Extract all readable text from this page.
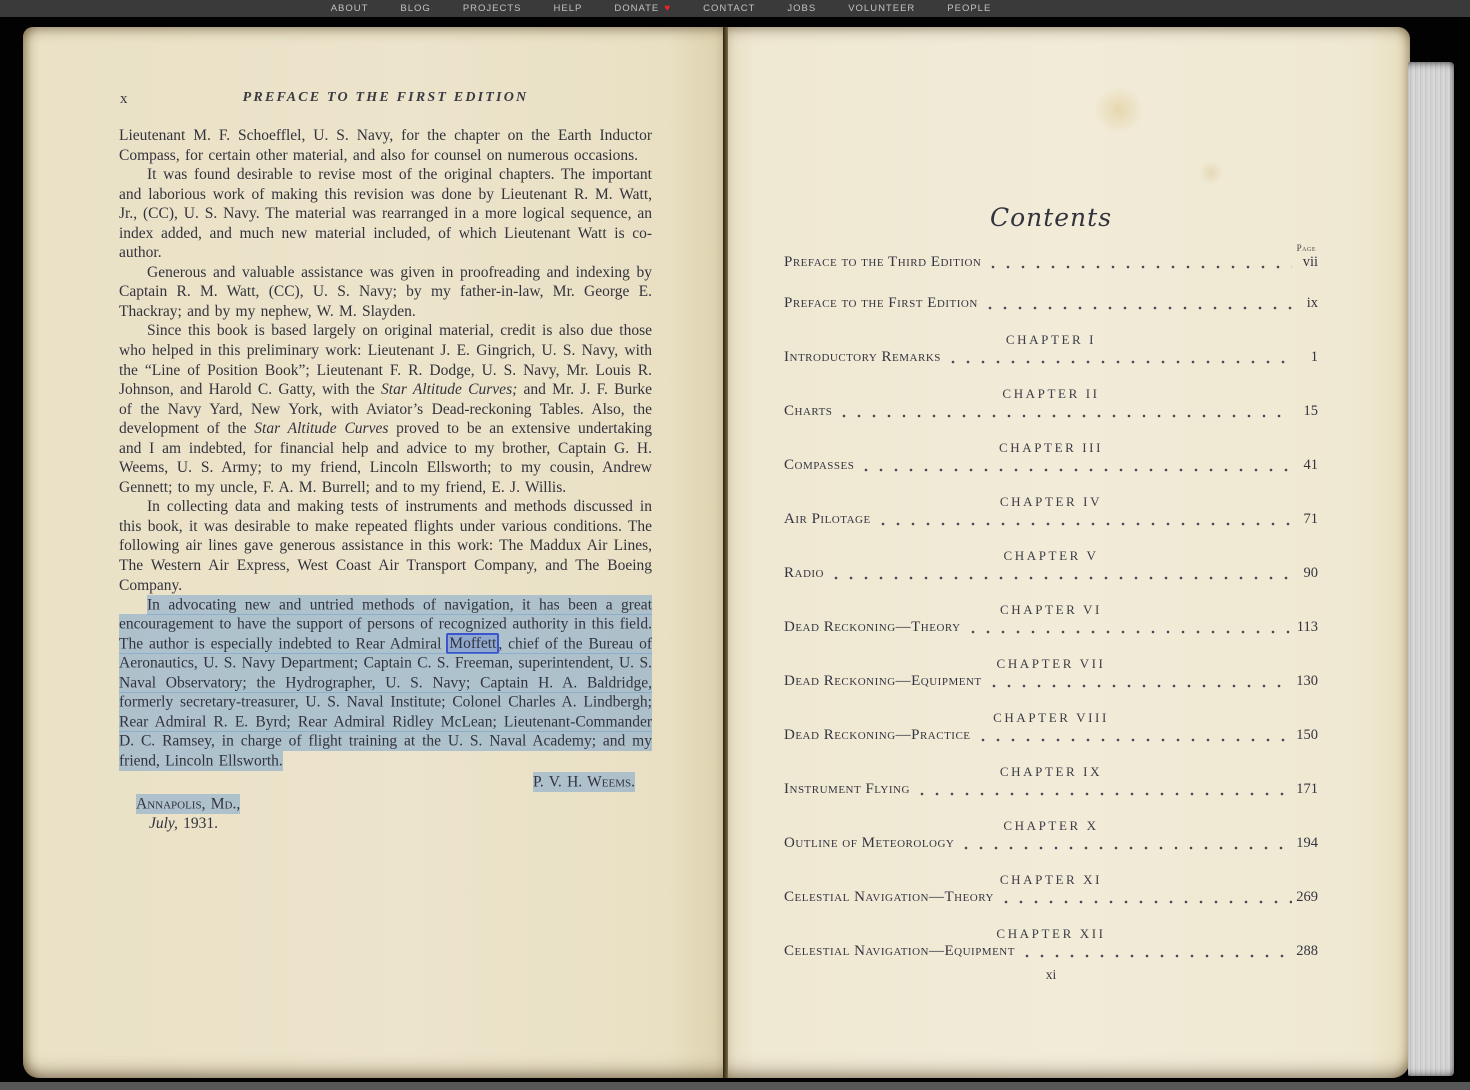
ABOUT	BLOG	PROJECTS	HELP	DONATE ♥	CONTACT	JOBS	VOLUNTEER	PEOPLE
x	PREFACE TO THE FIRST EDITION

Lieutenant M. F. Schoefflel, U. S. Navy, for the chapter on the Earth Inductor Compass, for certain other material, and also for counsel on numerous occasions.

It was found desirable to revise most of the original chapters. The important and laborious work of making this revision was done by Lieutenant R. M. Watt, Jr., (CC), U. S. Navy. The material was rearranged in a more logical sequence, an index added, and much new material included, of which Lieutenant Watt is co-author.

Generous and valuable assistance was given in proofreading and indexing by Captain R. M. Watt, (CC), U. S. Navy; by my father-in-law, Mr. George E. Thackray; and by my nephew, W. M. Slayden.

Since this book is based largely on original material, credit is also due those who helped in this preliminary work: Lieutenant J. E. Gingrich, U. S. Navy, with the “Line of Position Book”; Lieutenant F. R. Dodge, U. S. Navy, Mr. Louis R. Johnson, and Harold C. Gatty, with the Star Altitude Curves; and Mr. J. F. Burke of the Navy Yard, New York, with Aviator’s Dead-reckoning Tables. Also, the development of the Star Altitude Curves proved to be an extensive undertaking and I am indebted, for financial help and advice to my brother, Captain G. H. Weems, U. S. Army; to my friend, Lincoln Ellsworth; to my cousin, Andrew Gennett; to my uncle, F. A. M. Burrell; and to my friend, E. J. Willis.

In collecting data and making tests of instruments and methods discussed in this book, it was desirable to make repeated flights under various conditions. The following air lines gave generous assistance in this work: The Maddux Air Lines, The Western Air Express, West Coast Air Transport Company, and The Boeing Company.

In advocating new and untried methods of navigation, it has been a great encouragement to have the support of persons of recognized authority in this field. The author is especially indebted to Rear Admiral Moffett , chief of the Bureau of Aeronautics, U. S. Navy Department; Captain C. S. Freeman, superintendent, U. S. Naval Observatory; the Hydrographer, U. S. Navy; Captain H. A. Baldridge, formerly secretary-treasurer, U. S. Naval Institute; Colonel Charles A. Lindbergh; Rear Admiral R. E. Byrd; Rear Admiral Ridley McLean; Lieutenant-Commander D. C. Ramsey, in charge of flight training at the U. S. Naval Academy; and my friend, Lincoln Ellsworth.

P. V. H. Weems.
Annapolis, Md.,
July, 1931.
Contents
Page
Preface to the Third Edition	vii
Preface to the First Edition	ix
CHAPTER I
Introductory Remarks	1
CHAPTER II
Charts	15
CHAPTER III
Compasses	41
CHAPTER IV
Air Pilotage	71
CHAPTER V
Radio	90
CHAPTER VI
Dead Reckoning—Theory	113
CHAPTER VII
Dead Reckoning—Equipment	130
CHAPTER VIII
Dead Reckoning—Practice	150
CHAPTER IX
Instrument Flying	171
CHAPTER X
Outline of Meteorology	194
CHAPTER XI
Celestial Navigation—Theory	269
CHAPTER XII
Celestial Navigation—Equipment	288
xi
